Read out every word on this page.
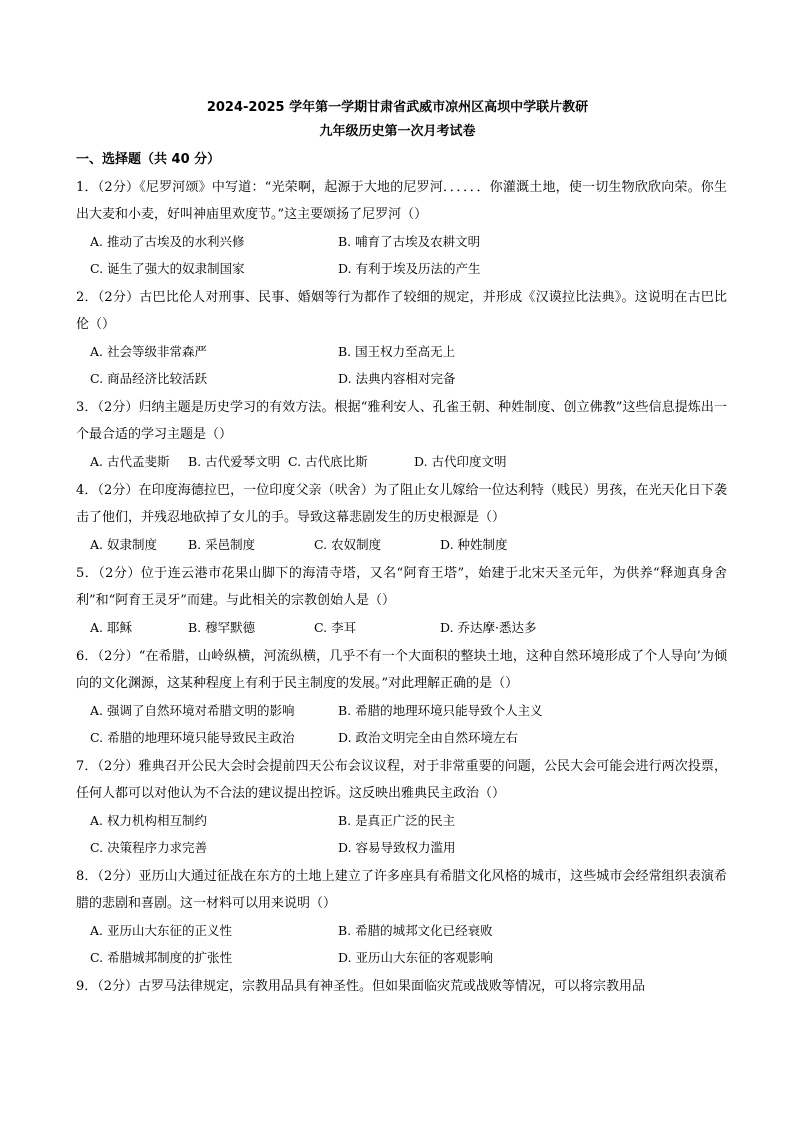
2024-2025 学年第一学期甘肃省武威市凉州区高坝中学联片教研
九年级历史第一次月考试卷
一、选择题（共 40 分）
1．（2分）《尼罗河颂》中写道：“光荣啊，起源于大地的尼罗河．．．．．．你灌溉土地，使一切生物欣欣向荣。你生出大麦和小麦，好叫神庙里欢度节。”这主要颂扬了尼罗河（）
A. 推动了古埃及的水利兴修	B. 哺育了古埃及农耕文明
C. 诞生了强大的奴隶制国家	D. 有利于埃及历法的产生
2．（2分）古巴比伦人对刑事、民事、婚姻等行为都作了较细的规定，并形成《汉谟拉比法典》。这说明在古巴比伦（）
A. 社会等级非常森严	B. 国王权力至高无上
C. 商品经济比较活跃	D. 法典内容相对完备
3．（2分）归纳主题是历史学习的有效方法。根据“雅利安人、孔雀王朝、种姓制度、创立佛教”这些信息提炼出一个最合适的学习主题是（）
A. 古代孟斐斯	B. 古代爱琴文明 C. 古代底比斯	D. 古代印度文明
4．（2分）在印度海德拉巴，一位印度父亲（吠舍）为了阻止女儿嫁给一位达利特（贱民）男孩，在光天化日下袭击了他们，并残忍地砍掉了女儿的手。导致这幕悲剧发生的历史根源是（）
A. 奴隶制度	B. 采邑制度	C. 农奴制度	D. 种姓制度
5．（2分）位于连云港市花果山脚下的海清寺塔，又名“阿育王塔”，始建于北宋天圣元年，为供养“释迦真身舍利”和“阿育王灵牙”而建。与此相关的宗教创始人是（）
A. 耶稣	B. 穆罕默德	C. 李耳	D. 乔达摩·悉达多
6．（2分）“在希腊，山岭纵横，河流纵横，几乎不有一个大面积的整块土地，这种自然环境形成了个人导向’为倾向的文化渊源，这某种程度上有利于民主制度的发展。”对此理解正确的是（）
A. 强调了自然环境对希腊文明的影响	B. 希腊的地理环境只能导致个人主义
C. 希腊的地理环境只能导致民主政治	D. 政治文明完全由自然环境左右
7．（2分）雅典召开公民大会时会提前四天公布会议议程，对于非常重要的问题，公民大会可能会进行两次投票，任何人都可以对他认为不合法的建议提出控诉。这反映出雅典民主政治（）
A. 权力机构相互制约	B. 是真正广泛的民主
C. 决策程序力求完善	D. 容易导致权力滥用
8．（2分）亚历山大通过征战在东方的土地上建立了许多座具有希腊文化风格的城市，这些城市会经常组织表演希腊的悲剧和喜剧。这一材料可以用来说明（）
A. 亚历山大东征的正义性	B. 希腊的城邦文化已经衰败
C. 希腊城邦制度的扩张性	D. 亚历山大东征的客观影响
9．（2分）古罗马法律规定，宗教用品具有神圣性。但如果面临灾荒或战败等情况，可以将宗教用品
